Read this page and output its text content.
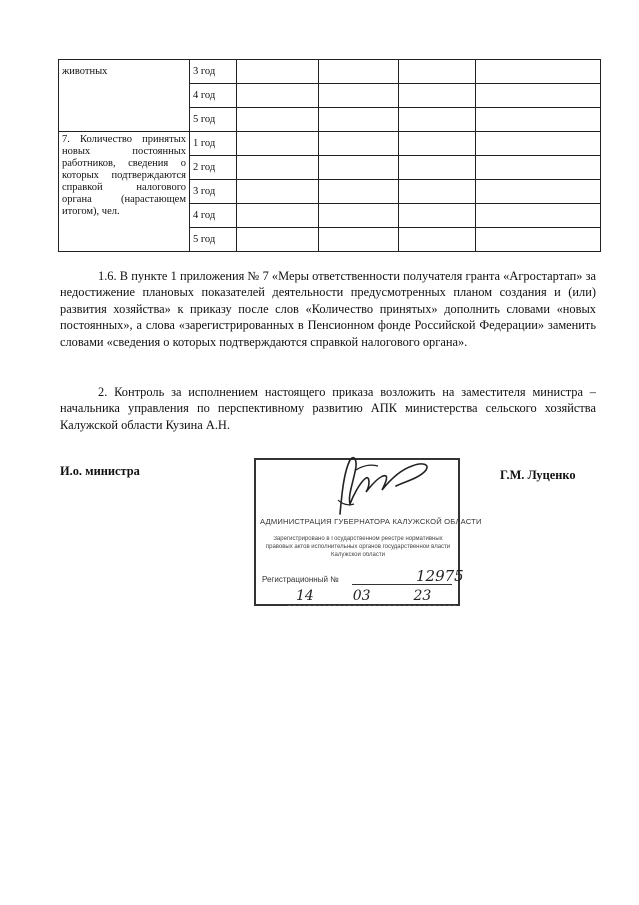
животных	3 год				
	4 год				
	5 год				
7. Количество принятых новых постоянных работников, сведения о которых подтверждаются справкой налогового органа (нарастающем итогом), чел.	1 год				
	2 год				
	3 год				
	4 год				
	5 год				

1.6. В пункте 1 приложения № 7 «Меры ответственности получателя гранта «Агростартап» за недостижение плановых показателей деятельности предусмотренных планом создания и (или) развития хозяйства» к приказу после слов «Количество принятых» дополнить словами «новых постоянных», а слова «зарегистрированных в Пенсионном фонде Российской Федерации» заменить словами «сведения о которых подтверждаются справкой налогового органа».

2. Контроль за исполнением настоящего приказа возложить на заместителя министра – начальника управления по перспективному развитию АПК министерства сельского хозяйства Калужской области Кузина А.Н.

И.о. министра	Г.М. Луценко
АДМИНИСТРАЦИЯ ГУБЕРНАТОРА КАЛУЖСКОЙ ОБЛАСТИ
Зарегистрировано в Государственном реестре нормативных
правовых актов исполнительных органов государственной власти
Калужской области
Регистрационный №	12975
14	03	23
